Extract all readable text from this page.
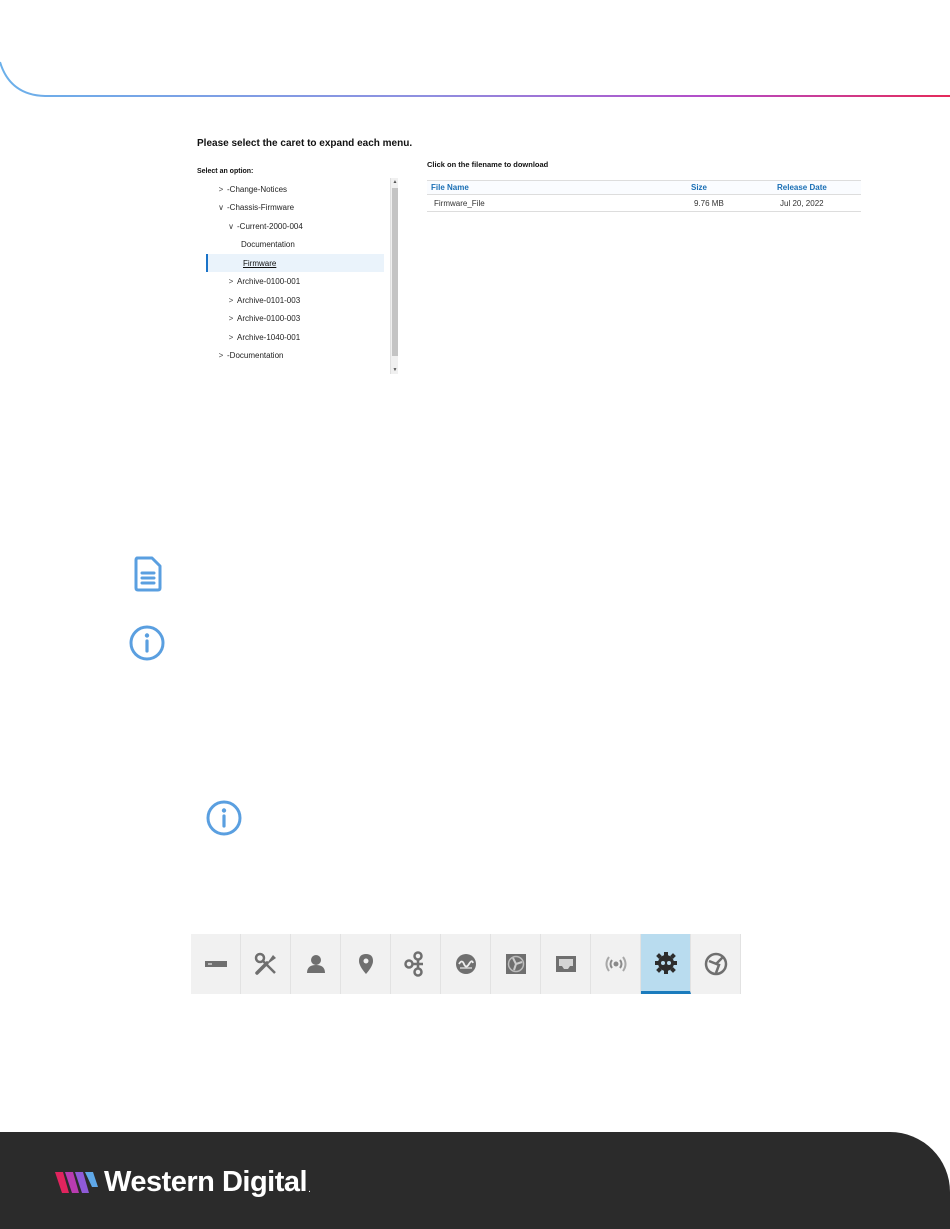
Please select the caret to expand each menu.
Select an option:
> -Change-Notices
∨ -Chassis-Firmware
∨ -Current-2000-004
Documentation
Firmware
> Archive-0100-001
> Archive-0101-003
> Archive-0100-003
> Archive-1040-001
> -Documentation
▲
▼
Click on the filename to download
File Name	Size	Release Date
Firmware_File	9.76 MB	Jul 20, 2022
Western Digital .
